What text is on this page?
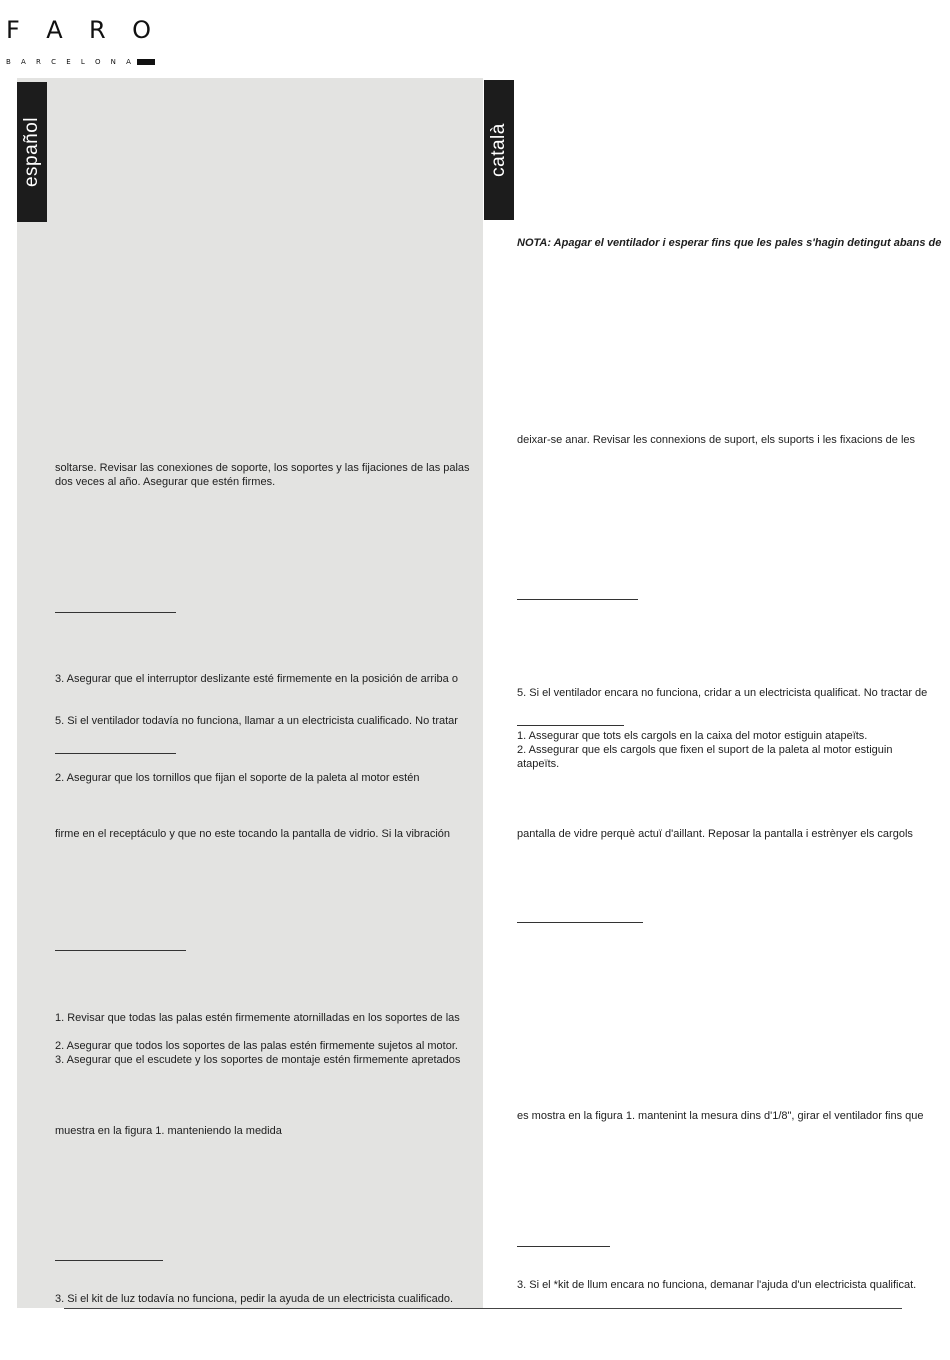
F A R O
B A R C E L O N A
español
soltarse. Revisar las conexiones de soporte, los soportes y las fijaciones de las palas
dos veces al año. Asegurar que estén firmes.
3. Asegurar que el interruptor deslizante esté firmemente en la posición de arriba o
5. Si el ventilador todavía no funciona, llamar a un electricista cualificado. No tratar
2. Asegurar que los tornillos que fijan el soporte de la paleta al motor estén
firme en el receptáculo y que no este tocando la pantalla de vidrio. Si la vibración
1. Revisar que todas las palas estén firmemente atornilladas en los soportes de las
2. Asegurar que todos los soportes de las palas estén firmemente sujetos al motor.
3. Asegurar que el escudete y los soportes de montaje estén firmemente apretados
muestra en la figura 1. manteniendo la medida
3. Si el kit de luz todavía no funciona, pedir la ayuda de un electricista cualificado.
català
NOTA: Apagar el ventilador i esperar fins que les pales s'hagin detingut abans de
deixar-se anar. Revisar les connexions de suport, els suports i les fixacions de les
5. Si el ventilador encara no funciona, cridar a un electricista qualificat. No tractar de
1. Assegurar que tots els cargols en la caixa del motor estiguin atapeïts.
2. Assegurar que els cargols que fixen el suport de la paleta al motor estiguin
atapeïts.
pantalla de vidre perquè actuï d'aillant. Reposar la pantalla i estrènyer els cargols
es mostra en la figura 1. mantenint la mesura dins d'1/8", girar el ventilador fins que
3. Si el *kit de llum encara no funciona, demanar l'ajuda d'un electricista qualificat.
